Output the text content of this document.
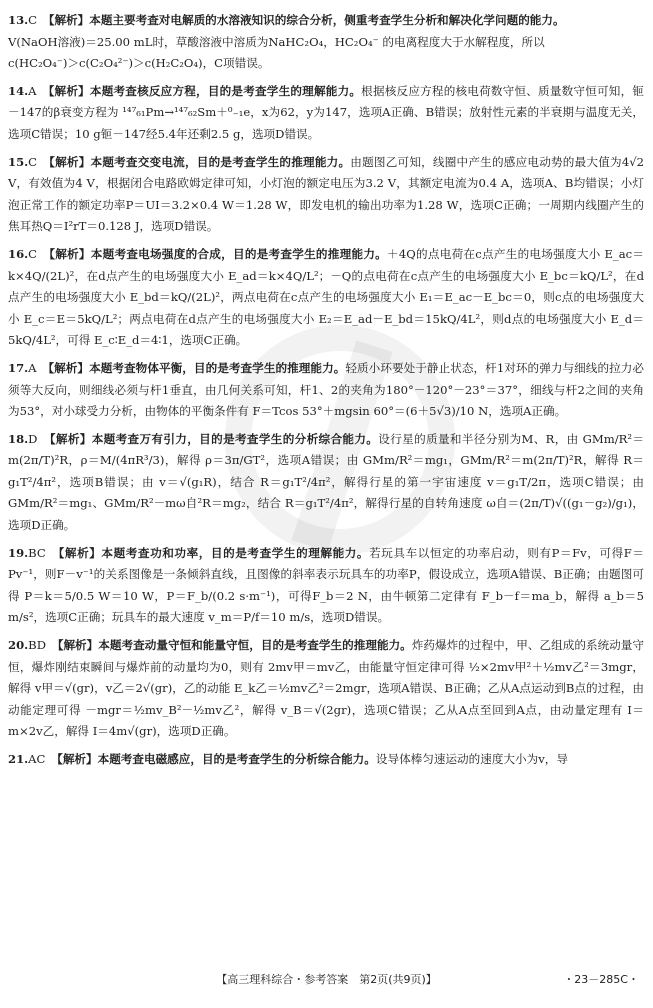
13.C　 【解析】本题主要考查对电解质的水溶液知识的综合分析，侧重考查学生分析和解决化学问题的能力。

V(NaOH溶液)＝25.00 mL时，草酸溶液中溶质为NaHC₂O₄，HC₂O₄⁻ 的电离程度大于水解程度，所以

c(HC₂O₄⁻)＞c(C₂O₄²⁻)＞c(H₂C₂O₄)，C项错误。

14.A　 【解析】本题考查核反应方程，目的是考查学生的理解能力。根据核反应方程的核电荷数守恒、质量数守恒可知，钷－147的β衰变方程为 ¹⁴⁷₆₁Pm→¹⁴⁷₆₂Sm＋⁰₋₁e，x为62，y为147，选项A正确、B错误；放射性元素的半衰期与温度无关，选项C错误；10 g钷－147经5.4年还剩2.5 g，选项D错误。

15.C　 【解析】本题考查交变电流，目的是考查学生的推理能力。由题图乙可知，线圈中产生的感应电动势的最大值为4√2 V，有效值为4 V，根据闭合电路欧姆定律可知，小灯泡的额定电压为3.2 V，其额定电流为0.4 A，选项A、B均错误；小灯泡正常工作的额定功率P＝UI＝3.2×0.4 W＝1.28 W，即发电机的输出功率为1.28 W，选项C正确；一周期内线圈产生的焦耳热Q＝I²rT＝0.128 J，选项D错误。

16.C　 【解析】本题考查电场强度的合成，目的是考查学生的推理能力。＋4Q的点电荷在c点产生的电场强度大小 E_ac＝k×4Q/(2L)²，在d点产生的电场强度大小 E_ad＝k×4Q/L²；－Q的点电荷在c点产生的电场强度大小 E_bc＝kQ/L²，在d点产生的电场强度大小 E_bd＝kQ/(2L)²，两点电荷在c点产生的电场强度大小 E₁＝E_ac－E_bc＝0，则c点的电场强度大小 E_c＝E＝5kQ/L²；两点电荷在d点产生的电场强度大小 E₂＝E_ad－E_bd＝15kQ/4L²，则d点的电场强度大小 E_d＝5kQ/4L²，可得 E_c∶E_d＝4∶1，选项C正确。

17.A　 【解析】本题考查物体平衡，目的是考查学生的推理能力。轻质小环要处于静止状态，杆1对环的弹力与细线的拉力必须等大反向，则细线必须与杆1垂直，由几何关系可知，杆1、2的夹角为180°－120°－23°＝37°，细线与杆2之间的夹角为53°，对小球受力分析，由物体的平衡条件有 F＝Tcos 53°＋mgsin 60°＝(6＋5√3)/10 N，选项A正确。

18.D　 【解析】本题考查万有引力，目的是考查学生的分析综合能力。设行星的质量和半径分别为M、R，由 GMm/R²＝m(2π/T)²R，ρ＝M/(4πR³/3)，解得 ρ＝3π/GT²，选项A错误；由 GMm/R²＝mg₁，GMm/R²＝m(2π/T)²R，解得 R＝g₁T²/4π²，选项B错误；由 v＝√(g₁R)，结合 R＝g₁T²/4π²，解得行星的第一宇宙速度 v＝g₁T/2π，选项C错误；由 GMm/R²＝mg₁、GMm/R²－mω自²R＝mg₂，结合 R＝g₁T²/4π²，解得行星的自转角速度 ω自＝(2π/T)√((g₁－g₂)/g₁)，选项D正确。

19.BC　 【解析】本题考查功和功率，目的是考查学生的理解能力。若玩具车以恒定的功率启动，则有P＝Fv，可得F＝Pv⁻¹，则F－v⁻¹的关系图像是一条倾斜直线，且图像的斜率表示玩具车的功率P，假设成立，选项A错误、B正确；由题图可得 P＝k＝5/0.5 W＝10 W，P＝F_b/(0.2 s·m⁻¹)，可得F_b＝2 N，由牛顿第二定律有 F_b－f＝ma_b，解得 a_b＝5 m/s²，选项C正确；玩具车的最大速度 v_m＝P/f＝10 m/s，选项D错误。

20.BD　 【解析】本题考查动量守恒和能量守恒，目的是考查学生的推理能力。炸药爆炸的过程中，甲、乙组成的系统动量守恒，爆炸刚结束瞬间与爆炸前的动量均为0，则有 2mv甲＝mv乙，由能量守恒定律可得 ½×2mv甲²＋½mv乙²＝3mgr，解得 v甲＝√(gr)，v乙＝2√(gr)，乙的动能 E_k乙＝½mv乙²＝2mgr，选项A错误、B正确；乙从A点运动到B点的过程，由动能定理可得 －mgr＝½mv_B²－½mv乙²，解得 v_B＝√(2gr)，选项C错误；乙从A点至回到A点，由动量定理有 I＝m×2v乙，解得 I＝4m√(gr)，选项D正确。

21.AC　 【解析】本题考查电磁感应，目的是考查学生的分析综合能力。设导体棒匀速运动的速度大小为v，导

【高三理科综合・参考答案　第2页(共9页)】	・23－285C・
